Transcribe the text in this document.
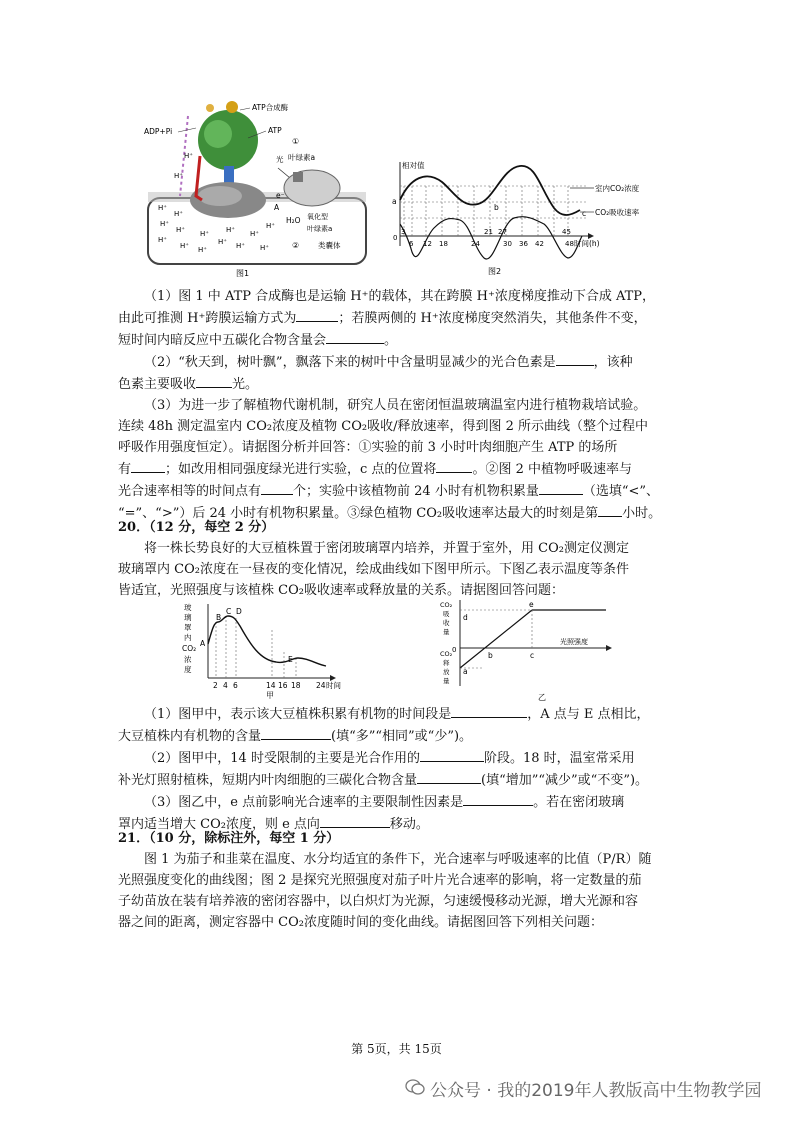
ATP合成酶
ATP
ADP+Pi
H⁺
H⁺
①
光 叶绿素a
A
e⁻
H₂O 氧化型
叶绿素a
②	类囊体
H⁺
H⁺
H⁺
H⁺
H⁺
H⁺
H⁺
H⁺
H⁺ H⁺
H⁺ H⁺
H⁺
H⁺
图1
相对值
a
b
c
室内CO₂浓度
CO₂吸收速率
0
3	21 27	45
6 12 18	24	30 36 42	48 时间(h)
图2

（1）图 1 中 ATP 合成酶也是运输 H⁺的载体，其在跨膜 H⁺浓度梯度推动下合成 ATP，

由此可推测 H⁺跨膜运输方式为	；若膜两侧的 H⁺浓度梯度突然消失，其他条件不变，

短时间内暗反应中五碳化合物含量会	。

（2）“秋天到，树叶飘”，飘落下来的树叶中含量明显减少的光合色素是	，该种

色素主要吸收	光。

（3）为进一步了解植物代谢机制，研究人员在密闭恒温玻璃温室内进行植物栽培试验。

连续 48h 测定温室内 CO₂浓度及植物 CO₂吸收/释放速率，得到图 2 所示曲线（整个过程中

呼吸作用强度恒定）。请据图分析并回答：①实验的前 3 小时叶肉细胞产生 ATP 的场所

有	；如改用相同强度绿光进行实验，c 点的位置将	。②图 2 中植物呼吸速率与

光合速率相等的时间点有 个；实验中该植物前 24 小时有机物积累量	（选填“<”、

“=”、“>”）后 24 小时有机物积累量。③绿色植物 CO₂吸收速率达最大的时刻是第 小时。

20．（12 分，每空 2 分）

将一株长势良好的大豆植株置于密闭玻璃罩内培养，并置于室外，用 CO₂测定仪测定

玻璃罩内 CO₂浓度在一昼夜的变化情况，绘成曲线如下图甲所示。下图乙表示温度等条件

皆适宜，光照强度与该植株 CO₂吸收速率或释放量的关系。请据图回答问题：

玻
璃
罩
内
CO₂
浓
度
A
B
C D
E
2 4 6	14 16 18 24 时间
甲
CO₂
吸
收
量
CO₂
释
放
量
e
d
a
b	c
0
光照强度
乙

（1）图甲中，表示该大豆植株积累有机物的时间段是	，A 点与 E 点相比，

大豆植株内有机物的含量	(填“多”“相同”或“少”)。

（2）图甲中，14 时受限制的主要是光合作用的	阶段。18 时，温室常采用

补光灯照射植株，短期内叶肉细胞的三碳化合物含量	(填“增加”“减少”或“不变”)。

（3）图乙中，e 点前影响光合速率的主要限制性因素是	。若在密闭玻璃

罩内适当增大 CO₂浓度，则 e 点向	移动。

21．（10 分，除标注外，每空 1 分）

图 1 为茄子和韭菜在温度、水分均适宜的条件下，光合速率与呼吸速率的比值（P/R）随

光照强度变化的曲线图；图 2 是探究光照强度对茄子叶片光合速率的影响，将一定数量的茄

子幼苗放在装有培养液的密闭容器中，以白炽灯为光源，匀速缓慢移动光源，增大光源和容

器之间的距离，测定容器中 CO₂浓度随时间的变化曲线。请据图回答下列相关问题：

第 5页，共 15页
公众号 · 我的2019年人教版高中生物教学园
